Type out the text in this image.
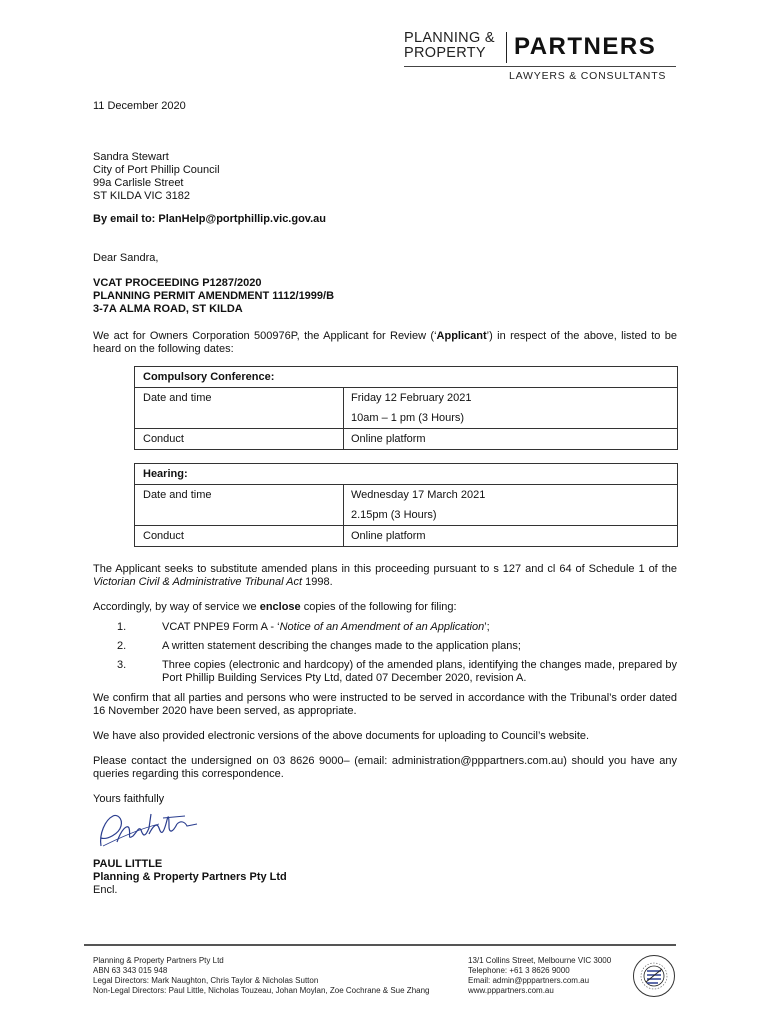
PLANNING &
PROPERTY	PARTNERS
LAWYERS & CONSULTANTS
11 December 2020
Sandra Stewart
City of Port Phillip Council
99a Carlisle Street
ST KILDA VIC 3182
By email to: PlanHelp@portphillip.vic.gov.au
Dear Sandra,
VCAT PROCEEDING P1287/2020
PLANNING PERMIT AMENDMENT 1112/1999/B
3-7A ALMA ROAD, ST KILDA
We act for Owners Corporation 500976P, the Applicant for Review (‘Applicant’) in respect of the above, listed to be heard on the following dates:
Compulsory Conference:	

Date and time	Friday 12 February 2021
10am – 1 pm (3 Hours)

Conduct	Online platform
Hearing:	

Date and time	Wednesday 17 March 2021
2.15pm (3 Hours)

Conduct	Online platform
The Applicant seeks to substitute amended plans in this proceeding pursuant to s 127 and cl 64 of Schedule 1 of the Victorian Civil & Administrative Tribunal Act 1998.
Accordingly, by way of service we enclose copies of the following for filing:
1.	VCAT PNPE9 Form A - ‘Notice of an Amendment of an Application’;
2.	A written statement describing the changes made to the application plans;
3.	Three copies (electronic and hardcopy) of the amended plans, identifying the changes made, prepared by Port Phillip Building Services Pty Ltd, dated 07 December 2020, revision A.
We confirm that all parties and persons who were instructed to be served in accordance with the Tribunal’s order dated 16 November 2020 have been served, as appropriate.
We have also provided electronic versions of the above documents for uploading to Council’s website.
Please contact the undersigned on 03 8626 9000– (email: administration@pppartners.com.au) should you have any queries regarding this correspondence.
Yours faithfully
PAUL LITTLE
Planning & Property Partners Pty Ltd
Encl.
Planning & Property Partners Pty Ltd
ABN 63 343 015 948
Legal Directors: Mark Naughton, Chris Taylor & Nicholas Sutton
Non-Legal Directors: Paul Little, Nicholas Touzeau, Johan Moylan, Zoe Cochrane & Sue Zhang
13/1 Collins Street, Melbourne VIC 3000
Telephone: +61 3 8626 9000
Email: admin@pppartners.com.au
www.pppartners.com.au
